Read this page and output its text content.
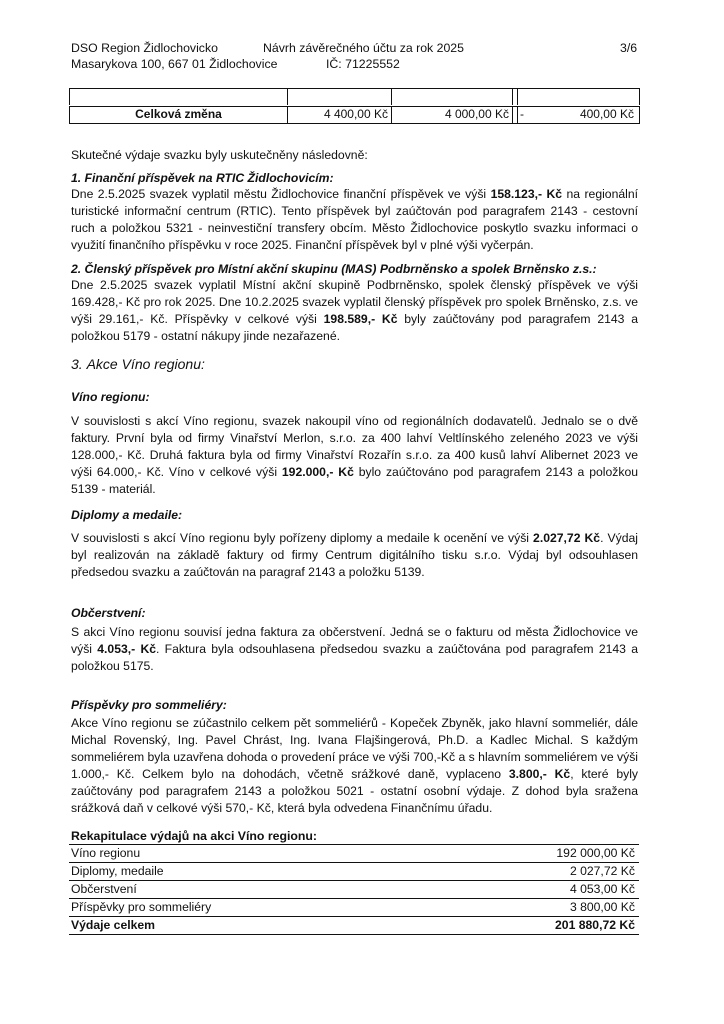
DSO Region Židlochovicko	Návrh závěrečného účtu za rok 2025	3/6
Masarykova 100, 667 01 Židlochovice	IČ: 71225552
Celková změna	4 400,00 Kč	4 000,00 Kč -	400,00 Kč
Skutečné výdaje svazku byly uskutečněny následovně:
1. Finanční příspěvek na RTIC Židlochovicím:
Dne 2.5.2025 svazek vyplatil městu Židlochovice finanční příspěvek ve výši 158.123,- Kč na regionální turistické informační centrum (RTIC). Tento příspěvek byl zaúčtován pod paragrafem 2143 - cestovní ruch a položkou 5321 - neinvestiční transfery obcím. Město Židlochovice poskytlo svazku informaci o využití finančního příspěvku v roce 2025. Finanční příspěvek byl v plné výši vyčerpán.
2. Členský příspěvek pro Místní akční skupinu (MAS) Podbrněnsko a spolek Brněnsko z.s.:
Dne 2.5.2025 svazek vyplatil Místní akční skupině Podbrněnsko, spolek členský příspěvek ve výši 169.428,- Kč pro rok 2025. Dne 10.2.2025 svazek vyplatil členský příspěvek pro spolek Brněnsko, z.s. ve výši 29.161,- Kč. Příspěvky v celkové výši 198.589,- Kč byly zaúčtovány pod paragrafem 2143 a položkou 5179 - ostatní nákupy jinde nezařazené.
3. Akce Víno regionu:
Víno regionu:
V souvislosti s akcí Víno regionu, svazek nakoupil víno od regionálních dodavatelů. Jednalo se o dvě faktury. První byla od firmy Vinařství Merlon, s.r.o. za 400 lahví Veltlínského zeleného 2023 ve výši 128.000,- Kč. Druhá faktura byla od firmy Vinařství Rozařín s.r.o. za 400 kusů lahví Alibernet 2023 ve výši 64.000,- Kč. Víno v celkové výši 192.000,- Kč bylo zaúčtováno pod paragrafem 2143 a položkou 5139 - materiál.
Diplomy a medaile:
V souvislosti s akcí Víno regionu byly pořízeny diplomy a medaile k ocenění ve výši 2.027,72 Kč. Výdaj byl realizován na základě faktury od firmy Centrum digitálního tisku s.r.o. Výdaj byl odsouhlasen předsedou svazku a zaúčtován na paragraf 2143 a položku 5139.
Občerstvení:
S akci Víno regionu souvisí jedna faktura za občerstvení. Jedná se o fakturu od města Židlochovice ve výši 4.053,- Kč. Faktura byla odsouhlasena předsedou svazku a zaúčtována pod paragrafem 2143 a položkou 5175.
Příspěvky pro sommeliéry:
Akce Víno regionu se zúčastnilo celkem pět sommeliérů - Kopeček Zbyněk, jako hlavní sommeliér, dále Michal Rovenský, Ing. Pavel Chrást, Ing. Ivana Flajšingerová, Ph.D. a Kadlec Michal. S každým sommeliérem byla uzavřena dohoda o provedení práce ve výši 700,-Kč a s hlavním sommeliérem ve výši 1.000,- Kč. Celkem bylo na dohodách, včetně srážkové daně, vyplaceno 3.800,- Kč, které byly zaúčtovány pod paragrafem 2143 a položkou 5021 - ostatní osobní výdaje. Z dohod byla sražena srážková daň v celkové výši 570,- Kč, která byla odvedena Finančnímu úřadu.
Rekapitulace výdajů na akci Víno regionu:
Víno regionu	192 000,00 Kč
Diplomy, medaile	2 027,72 Kč
Občerstvení	4 053,00 Kč
Příspěvky pro sommeliéry	3 800,00 Kč
Výdaje celkem	201 880,72 Kč
